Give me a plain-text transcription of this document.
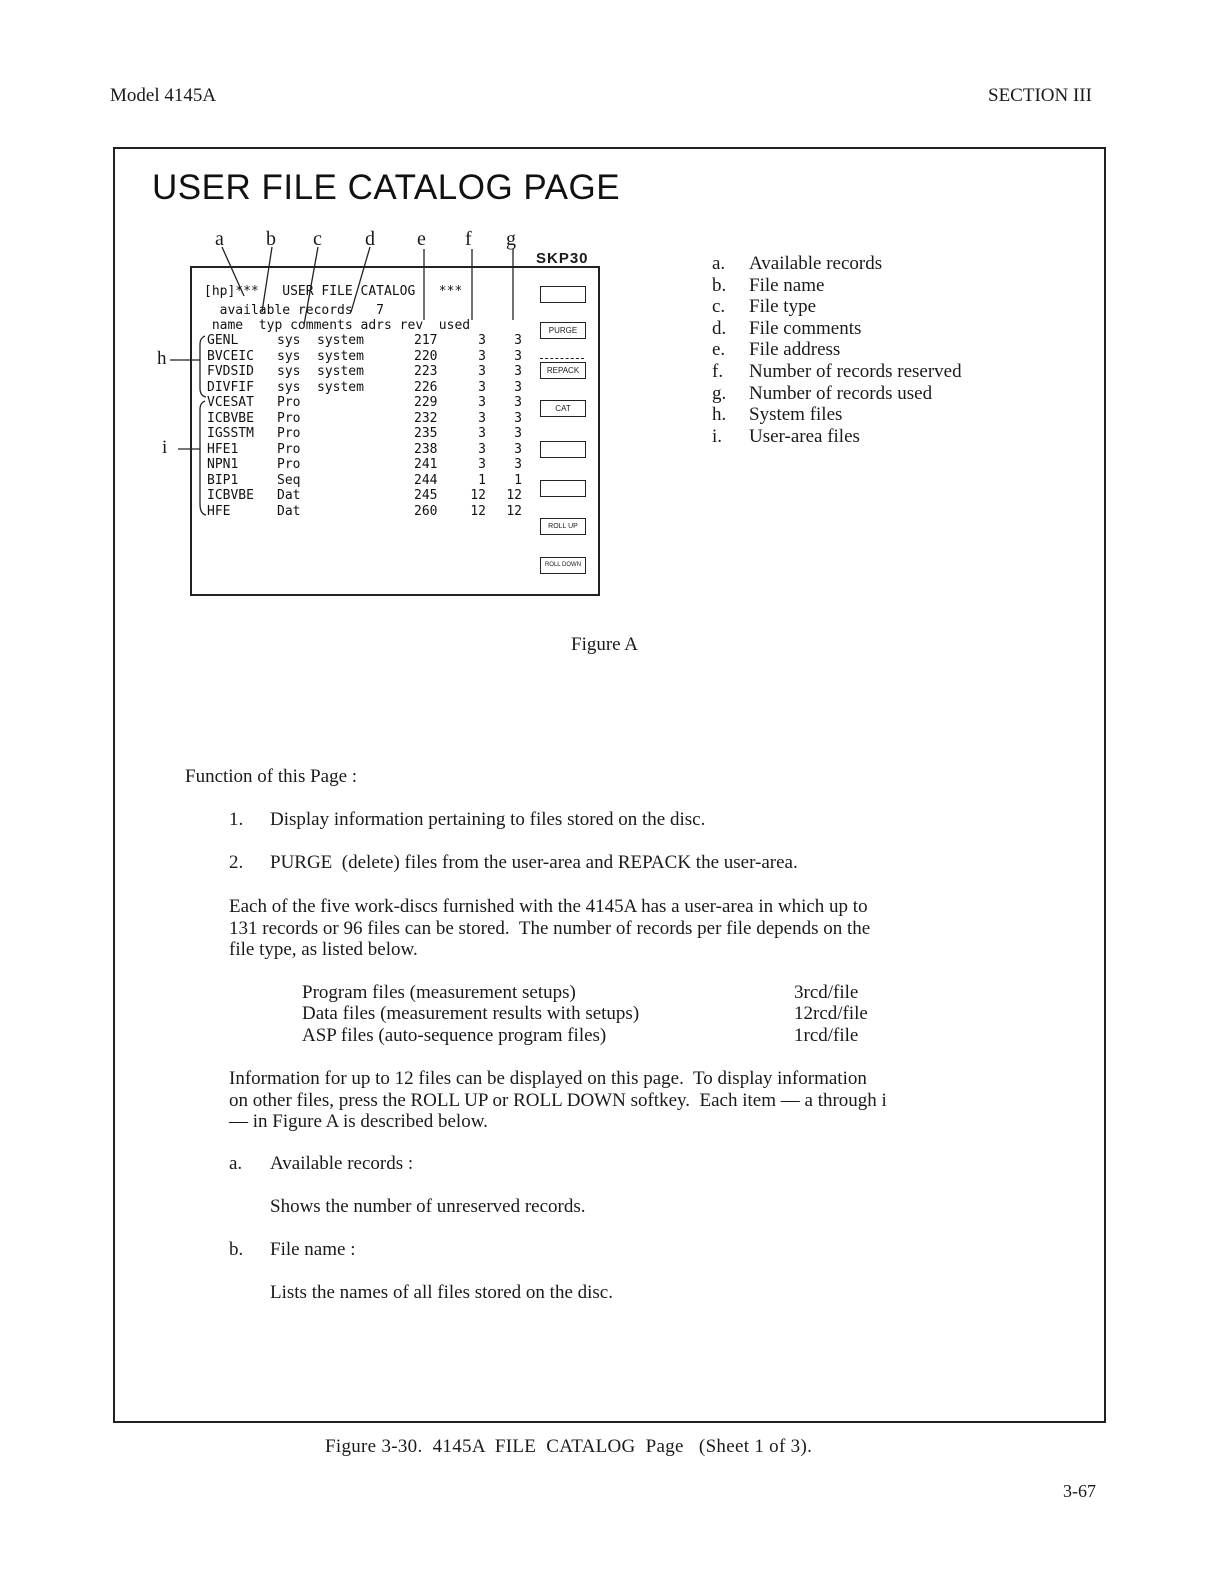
Model 4145A	SECTION III
USER FILE CATALOG PAGE
a b c d e f g
SKP30
[hp]***   USER FILE CATALOG   ***
available records   7
name  typ comments adrs rev  used
GENL	sys system	217	3	3
BVCEIC sys system	220	3	3
FVDSID sys system	223	3	3
DIVFIF sys system	226	3	3
VCESAT Pro	229	3	3
ICBVBE Pro	232	3	3
IGSSTM Pro	235	3	3
HFE1	Pro	238	3	3
NPN1	Pro	241	3	3
BIP1	Seq	244	1	1
ICBVBE Dat	245	12 12
HFE	Dat	260	12 12
PURGE
REPACK
CAT
ROLL UP
ROLL DOWN
h
i
a.	Available records
b.	File name
c.	File type
d.	File comments
e.	File address
f.	Number of records reserved
g.	Number of records used
h.	System files
i.	User-area files
Figure A
Function of this Page :
1. Display information pertaining to files stored on the disc.
2. PURGE  (delete) files from the user-area and REPACK the user-area.
Each of the five work-discs furnished with the 4145A has a user-area in which up to
131 records or 96 files can be stored.  The number of records per file depends on the
file type, as listed below.
Program files (measurement setups)	3rcd/file
Data files (measurement results with setups)	12rcd/file
ASP files (auto-sequence program files)	1rcd/file
Information for up to 12 files can be displayed on this page.  To display information
on other files, press the ROLL UP or ROLL DOWN softkey.  Each item — a through i
— in Figure A is described below.
a. Available records :
Shows the number of unreserved records.
b. File name :
Lists the names of all files stored on the disc.
Figure 3-30.  4145A  FILE  CATALOG  Page   (Sheet 1 of 3).
3-67
